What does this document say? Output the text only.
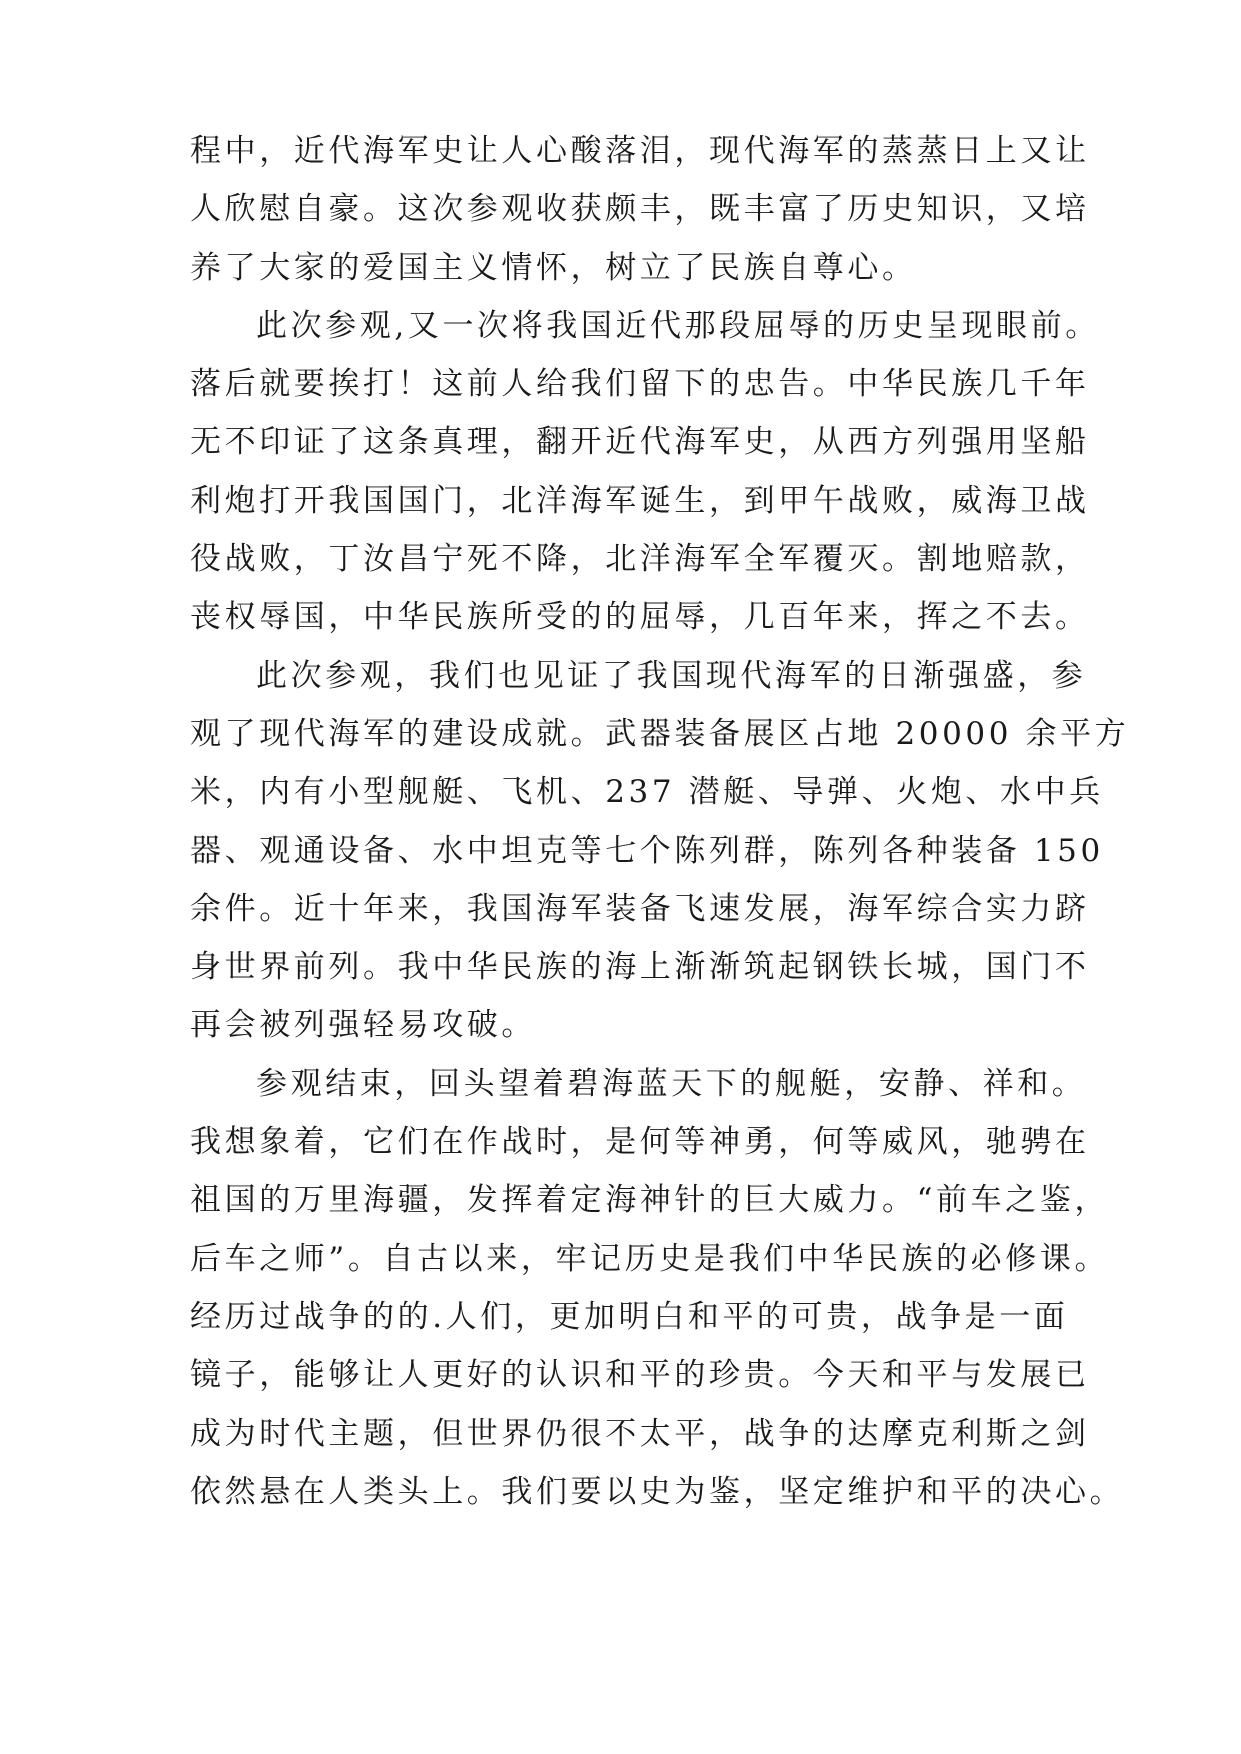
程中，近代海军史让人心酸落泪，现代海军的蒸蒸日上又让
人欣慰自豪。这次参观收获颇丰，既丰富了历史知识，又培
养了大家的爱国主义情怀，树立了民族自尊心。
此次参观,又一次将我国近代那段屈辱的历史呈现眼前。
落后就要挨打！这前人给我们留下的忠告。中华民族几千年
无不印证了这条真理，翻开近代海军史，从西方列强用坚船
利炮打开我国国门，北洋海军诞生，到甲午战败，威海卫战
役战败，丁汝昌宁死不降，北洋海军全军覆灭。割地赔款，
丧权辱国，中华民族所受的的屈辱，几百年来，挥之不去。
此次参观，我们也见证了我国现代海军的日渐强盛，参
观了现代海军的建设成就。武器装备展区占地 20000 余平方
米，内有小型舰艇、飞机、237 潜艇、导弹、火炮、水中兵
器、观通设备、水中坦克等七个陈列群，陈列各种装备 150
余件。近十年来，我国海军装备飞速发展，海军综合实力跻
身世界前列。我中华民族的海上渐渐筑起钢铁长城，国门不
再会被列强轻易攻破。
参观结束，回头望着碧海蓝天下的舰艇，安静、祥和。
我想象着，它们在作战时，是何等神勇，何等威风，驰骋在
祖国的万里海疆，发挥着定海神针的巨大威力。“前车之鉴，
后车之师”。自古以来，牢记历史是我们中华民族的必修课。
经历过战争的的.人们，更加明白和平的可贵，战争是一面
镜子，能够让人更好的认识和平的珍贵。今天和平与发展已
成为时代主题，但世界仍很不太平，战争的达摩克利斯之剑
依然悬在人类头上。我们要以史为鉴，坚定维护和平的决心。
